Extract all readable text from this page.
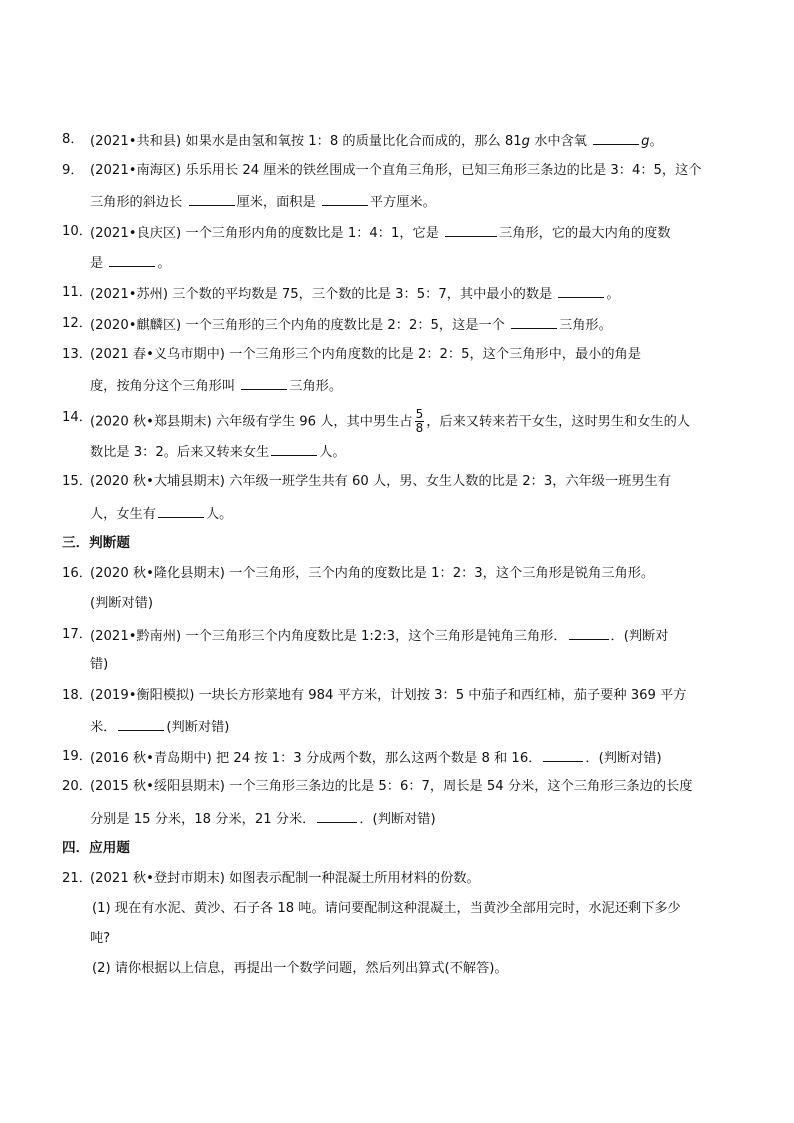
8． (2021•共和县) 如果水是由氢和氧按 1：8 的质量比化合而成的，那么 81g 水中含氧	g。
9． (2021•南海区) 乐乐用长 24 厘米的铁丝围成一个直角三角形，已知三角形三条边的比是 3：4：5，这个
三角形的斜边长	厘米，面积是	平方厘米。
10．
(2021•良庆区) 一个三角形内角的度数比是 1：4：1，它是	三角形，它的最大内角的度数
是	。
11．
(2021•苏州) 三个数的平均数是 75，三个数的比是 3：5：7，其中最小的数是	。
12．
(2020•麒麟区) 一个三角形的三个内角的度数比是 2：2：5，这是一个	三角形。
13．
(2021 春•义乌市期中) 一个三角形三个内角度数的比是 2：2：5，这个三角形中，最小的角是
度，按角分这个三角形叫	三角形。
14．
(2020 秋•郑县期末) 六年级有学生 96 人，其中男生占 $\frac{5}{8}$ ，后来又转来若干女生，这时男生和女生的人
数比是 3：2。后来又转来女生	人。
15．
(2020 秋•大埔县期末) 六年级一班学生共有 60 人，男、女生人数的比是 2：3，六年级一班男生有
人，女生有	人。
三．判断题
16．
(2020 秋•隆化县期末) 一个三角形，三个内角的度数比是 1：2：3，这个三角形是锐角三角形。
(判断对错)
17．
(2021•黔南州) 一个三角形三个内角度数比是 1:2:3，这个三角形是钝角三角形．	．(判断对
错)
18．
(2019•衡阳模拟) 一块长方形菜地有 984 平方米，计划按 3：5 中茄子和西红柿，茄子要种 369 平方
米．	(判断对错)
19．
(2016 秋•青岛期中) 把 24 按 1：3 分成两个数，那么这两个数是 8 和 16．	．(判断对错)
20．
(2015 秋•绥阳县期末) 一个三角形三条边的比是 5：6：7，周长是 54 分米，这个三角形三条边的长度
分别是 15 分米，18 分米，21 分米．	．(判断对错)
四．应用题
21．
(2021 秋•登封市期末) 如图表示配制一种混凝土所用材料的份数。
(1) 现在有水泥、黄沙、石子各 18 吨。请问要配制这种混凝土，当黄沙全部用完时，水泥还剩下多少
吨?
(2) 请你根据以上信息，再提出一个数学问题，然后列出算式(不解答)。
